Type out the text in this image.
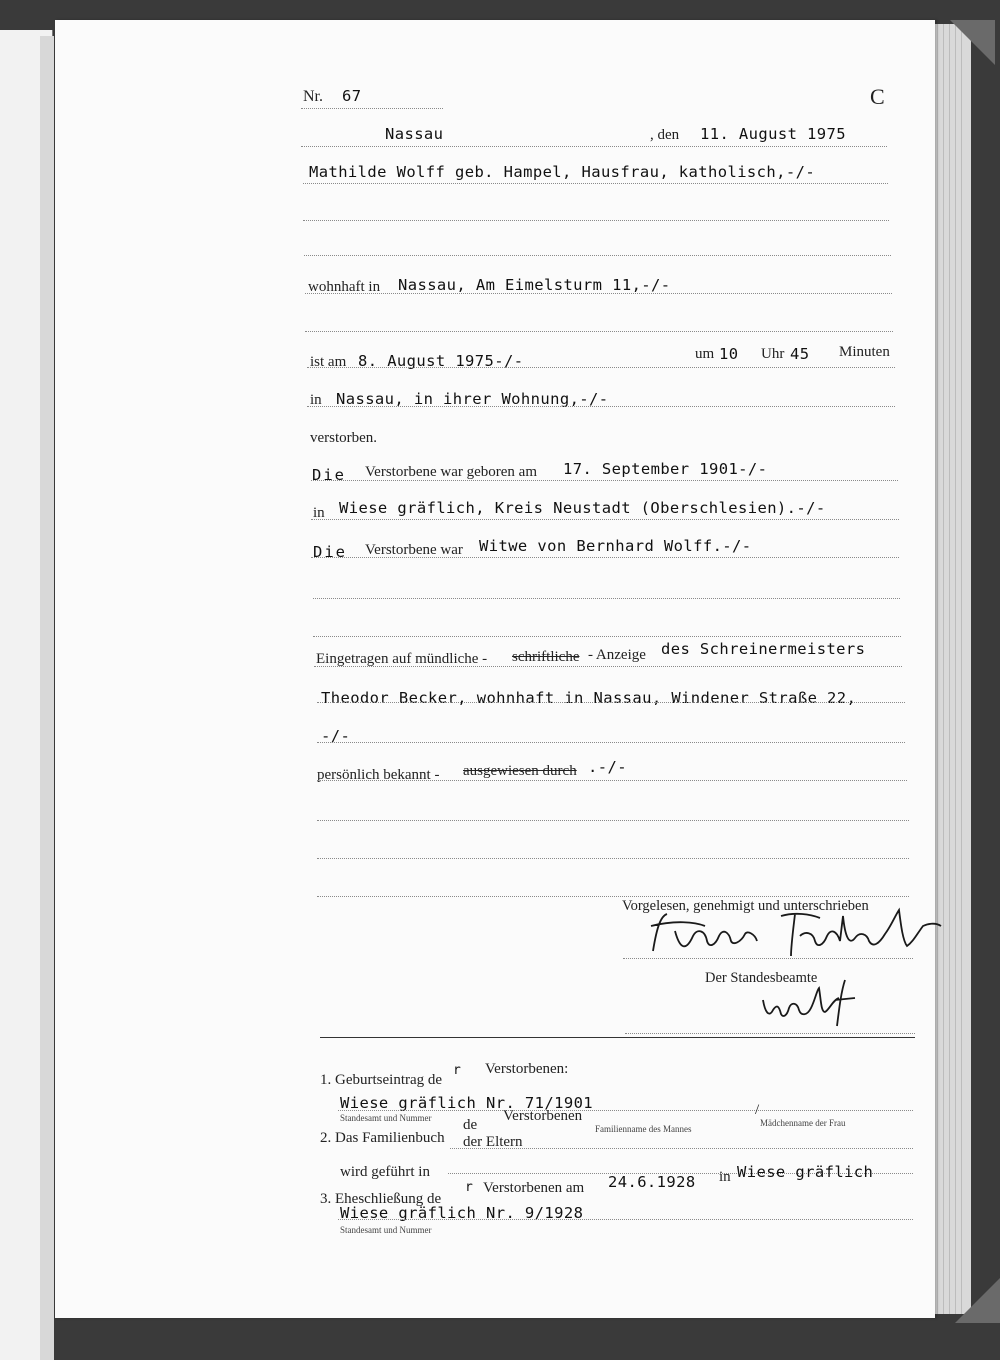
Nr. 67	C
Nassau	, den 11. August 1975
Mathilde Wolff geb. Hampel, Hausfrau, katholisch,-/-
wohnhaft in Nassau, Am Eimelsturm 11,-/-
ist am 8. August 1975-/-	um 10 Uhr 45 Minuten
in Nassau, in ihrer Wohnung,-/-
verstorben.
Die Verstorbene war geboren am 17. September 1901-/-
in Wiese gräflich, Kreis Neustadt (Oberschlesien).-/-
Die Verstorbene war Witwe von Bernhard Wolff.-/-
Eingetragen auf mündliche - schriftliche - Anzeige des Schreinermeisters
Theodor Becker, wohnhaft in Nassau, Windener Straße 22,
-/-
persönlich bekannt - ausgewiesen durch .-/-
Vorgelesen, genehmigt und unterschrieben
Der Standesbeamte
1. Geburtseintrag de
r Verstorbenen:
Wiese gräflich Nr. 71/1901
Standesamt und Nummer de
Verstorbenen
2. Das Familienbuch der Eltern
/
Familienname des Mannes
Mädchenname der Frau
wird geführt in
3. Eheschließung de
r Verstorbenen am 24.6.1928 in Wiese gräflich
Wiese gräflich Nr. 9/1928
Standesamt und Nummer
